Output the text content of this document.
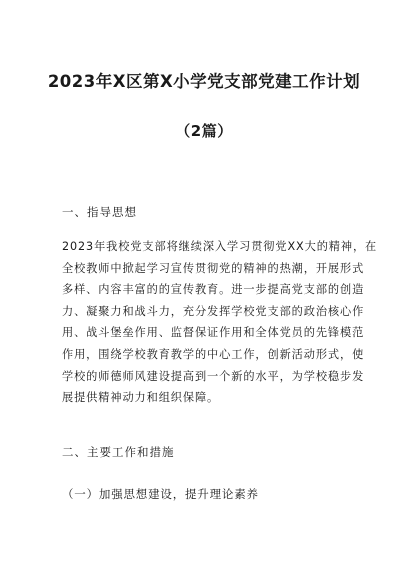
2023年X区第X小学党支部党建工作计划
（2篇）
一、指导思想
2023年我校党支部将继续深入学习贯彻党XX大的精神，在
全校教师中掀起学习宣传贯彻党的精神的热潮，开展形式
多样、内容丰富的的宣传教育。进一步提高党支部的创造
力、凝聚力和战斗力，充分发挥学校党支部的政治核心作
用、战斗堡垒作用、监督保证作用和全体党员的先锋模范
作用，围绕学校教育教学的中心工作，创新活动形式，使
学校的师德师风建设提高到一个新的水平，为学校稳步发
展提供精神动力和组织保障。
二、主要工作和措施
（一）加强思想建设，提升理论素养
